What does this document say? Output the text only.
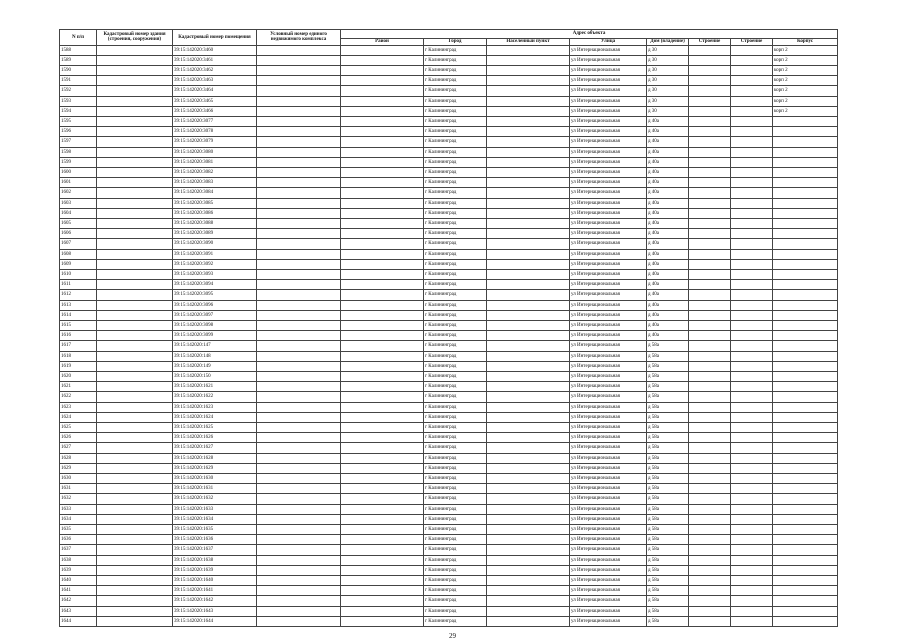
N п/п	Кадастровый номер здания (строения, сооружения)	Кадастровый номер помещения	Условный номер единого недвижимого комплекса	Адрес объекта							
				Район	Город	Населенный пункт	Улица	Дом (владение)	Строение	Строение	Корпус
1588		39:15:142020:3460			г Калининград		ул Интернациональная	д 30			корп 2
1589		39:15:142020:3461			г Калининград		ул Интернациональная	д 30			корп 2
1590		39:15:142020:3462			г Калининград		ул Интернациональная	д 30			корп 2
1591		39:15:142020:3463			г Калининград		ул Интернациональная	д 30			корп 2
1592		39:15:142020:3464			г Калининград		ул Интернациональная	д 30			корп 2
1593		39:15:142020:3465			г Калининград		ул Интернациональная	д 30			корп 2
1594		39:15:142020:3466			г Калининград		ул Интернациональная	д 30			корп 2
1595		39:15:142020:3077			г Калининград		ул Интернациональная	д 40а			
1596		39:15:142020:3078			г Калининград		ул Интернациональная	д 40а			
1597		39:15:142020:3079			г Калининград		ул Интернациональная	д 40а			
1598		39:15:142020:3080			г Калининград		ул Интернациональная	д 40а			
1599		39:15:142020:3081			г Калининград		ул Интернациональная	д 40а			
1600		39:15:142020:3082			г Калининград		ул Интернациональная	д 40а			
1601		39:15:142020:3083			г Калининград		ул Интернациональная	д 40а			
1602		39:15:142020:3084			г Калининград		ул Интернациональная	д 40а			
1603		39:15:142020:3085			г Калининград		ул Интернациональная	д 40а			
1604		39:15:142020:3086			г Калининград		ул Интернациональная	д 40а			
1605		39:15:142020:3088			г Калининград		ул Интернациональная	д 40а			
1606		39:15:142020:3089			г Калининград		ул Интернациональная	д 40а			
1607		39:15:142020:3090			г Калининград		ул Интернациональная	д 40а			
1608		39:15:142020:3091			г Калининград		ул Интернациональная	д 40а			
1609		39:15:142020:3092			г Калининград		ул Интернациональная	д 40а			
1610		39:15:142020:3093			г Калининград		ул Интернациональная	д 40а			
1611		39:15:142020:3094			г Калининград		ул Интернациональная	д 40а			
1612		39:15:142020:3095			г Калининград		ул Интернациональная	д 40а			
1613		39:15:142020:3096			г Калининград		ул Интернациональная	д 40а			
1614		39:15:142020:3097			г Калининград		ул Интернациональная	д 40а			
1615		39:15:142020:3098			г Калининград		ул Интернациональная	д 40а			
1616		39:15:142020:3099			г Калининград		ул Интернациональная	д 40а			
1617		39:15:142020:147			г Калининград		ул Интернациональная	д 58а			
1618		39:15:142020:148			г Калининград		ул Интернациональная	д 58а			
1619		39:15:142020:149			г Калининград		ул Интернациональная	д 58а			
1620		39:15:142020:150			г Калининград		ул Интернациональная	д 58а			
1621		39:15:142020:1621			г Калининград		ул Интернациональная	д 58а			
1622		39:15:142020:1622			г Калининград		ул Интернациональная	д 58а			
1623		39:15:142020:1623			г Калининград		ул Интернациональная	д 58а			
1624		39:15:142020:1624			г Калининград		ул Интернациональная	д 58а			
1625		39:15:142020:1625			г Калининград		ул Интернациональная	д 58а			
1626		39:15:142020:1626			г Калининград		ул Интернациональная	д 58а			
1627		39:15:142020:1627			г Калининград		ул Интернациональная	д 58а			
1628		39:15:142020:1628			г Калининград		ул Интернациональная	д 58а			
1629		39:15:142020:1629			г Калининград		ул Интернациональная	д 58а			
1630		39:15:142020:1630			г Калининград		ул Интернациональная	д 58а			
1631		39:15:142020:1631			г Калининград		ул Интернациональная	д 58а			
1632		39:15:142020:1632			г Калининград		ул Интернациональная	д 58а			
1633		39:15:142020:1633			г Калининград		ул Интернациональная	д 58а			
1634		39:15:142020:1634			г Калининград		ул Интернациональная	д 58а			
1635		39:15:142020:1635			г Калининград		ул Интернациональная	д 58а			
1636		39:15:142020:1636			г Калининград		ул Интернациональная	д 58а			
1637		39:15:142020:1637			г Калининград		ул Интернациональная	д 58а			
1638		39:15:142020:1638			г Калининград		ул Интернациональная	д 58а			
1639		39:15:142020:1639			г Калининград		ул Интернациональная	д 58а			
1640		39:15:142020:1640			г Калининград		ул Интернациональная	д 58а			
1641		39:15:142020:1641			г Калининград		ул Интернациональная	д 58а			
1642		39:15:142020:1642			г Калининград		ул Интернациональная	д 58а			
1643		39:15:142020:1643			г Калининград		ул Интернациональная	д 58а			
1644		39:15:142020:1644			г Калининград		ул Интернациональная	д 58а			
29
